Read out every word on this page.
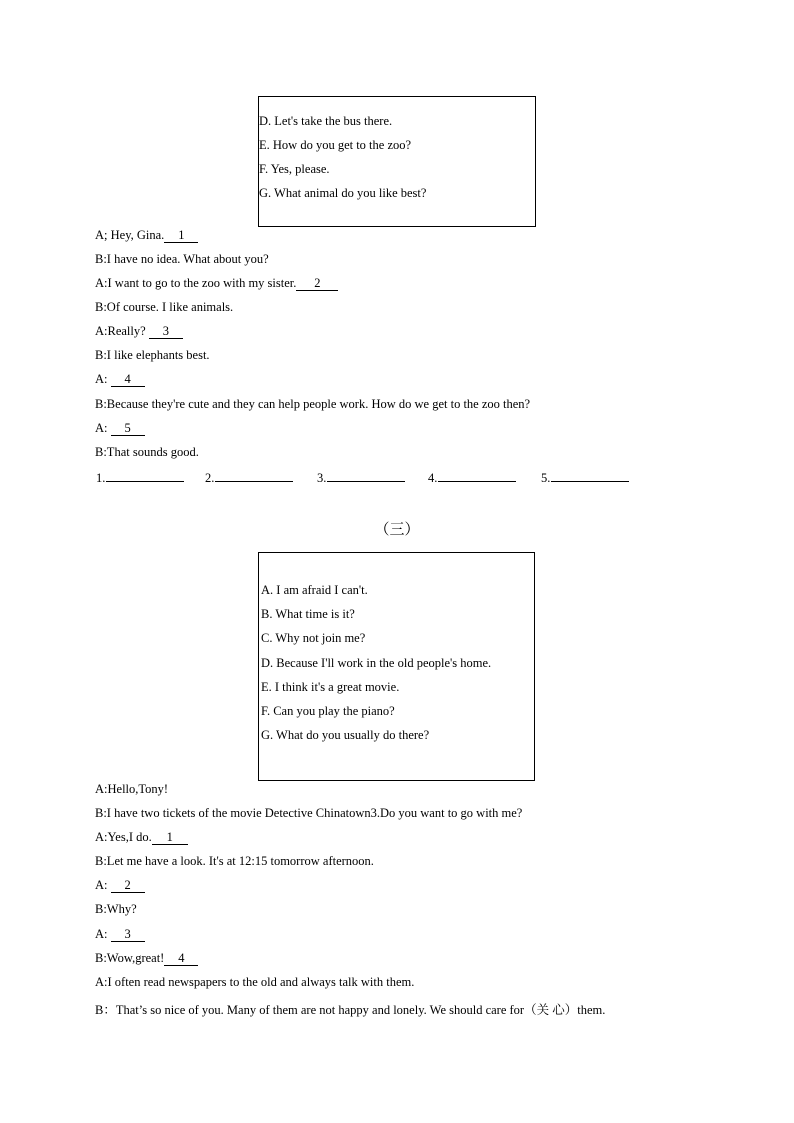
D. Let's take the bus there.
E. How do you get to the zoo?
F. Yes, please.
G. What animal do you like best?
A; Hey, Gina. 1
B:I have no idea. What about you?
A:I want to go to the zoo with my sister. 2
B:Of course. I like animals.
A:Really? 3
B:I like elephants best.
A: 4
B:Because they're cute and they can help people work. How do we get to the zoo then?
A: 5
B:That sounds good.
1.	2.	3.	4.	5.
（三）
A. I am afraid I can't.
B. What time is it?
C. Why not join me?
D. Because I'll work in the old people's home.
E. I think it's a great movie.
F. Can you play the piano?
G. What do you usually do there?
A:Hello,Tony!
B:I have two tickets of the movie Detective Chinatown3.Do you want to go with me?
A:Yes,I do. 1
B:Let me have a look. It's at 12:15 tomorrow afternoon.
A: 2
B:Why?
A: 3
B:Wow,great! 4
A:I often read newspapers to the old and always talk with them.
B：That’s so nice of you. Many of them are not happy and lonely. We should care for（关 心）them.
